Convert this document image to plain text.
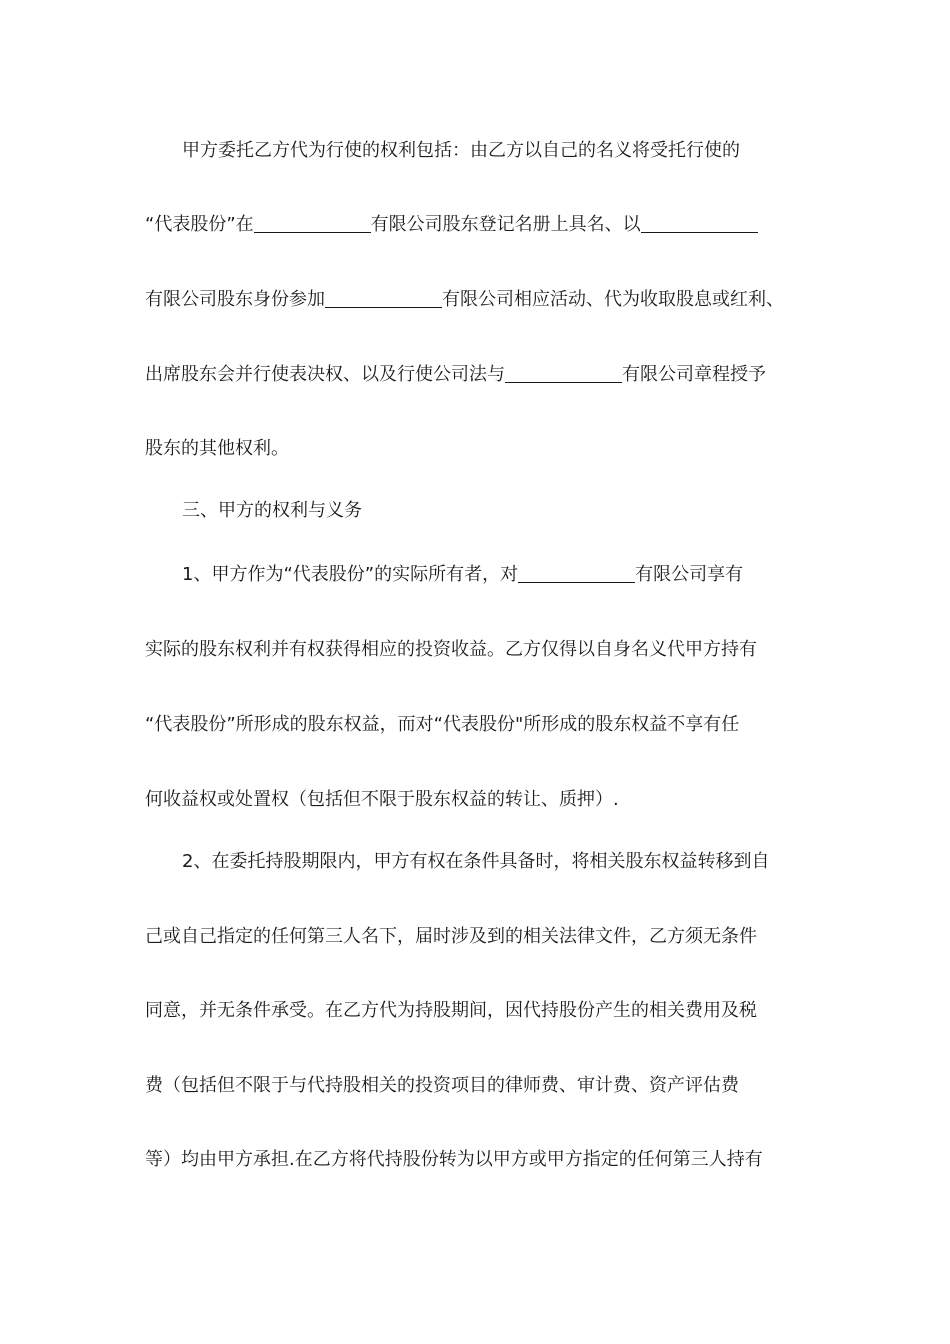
甲方委托乙方代为行使的权利包括：由乙方以自己的名义将受托行使的
“代表股份”在	有限公司股东登记名册上具名、以
有限公司股东身份参加	有限公司相应活动、代为收取股息或红利、
出席股东会并行使表决权、以及行使公司法与	有限公司章程授予
股东的其他权利。
三、甲方的权利与义务
1、甲方作为“代表股份”的实际所有者，对	有限公司享有
实际的股东权利并有权获得相应的投资收益。乙方仅得以自身名义代甲方持有
“代表股份”所形成的股东权益，而对“代表股份"所形成的股东权益不享有任
何收益权或处置权（包括但不限于股东权益的转让、质押）.
2、在委托持股期限内，甲方有权在条件具备时，将相关股东权益转移到自
己或自己指定的任何第三人名下，届时涉及到的相关法律文件，乙方须无条件
同意，并无条件承受。在乙方代为持股期间，因代持股份产生的相关费用及税
费（包括但不限于与代持股相关的投资项目的律师费、审计费、资产评估费
等）均由甲方承担.在乙方将代持股份转为以甲方或甲方指定的任何第三人持有
